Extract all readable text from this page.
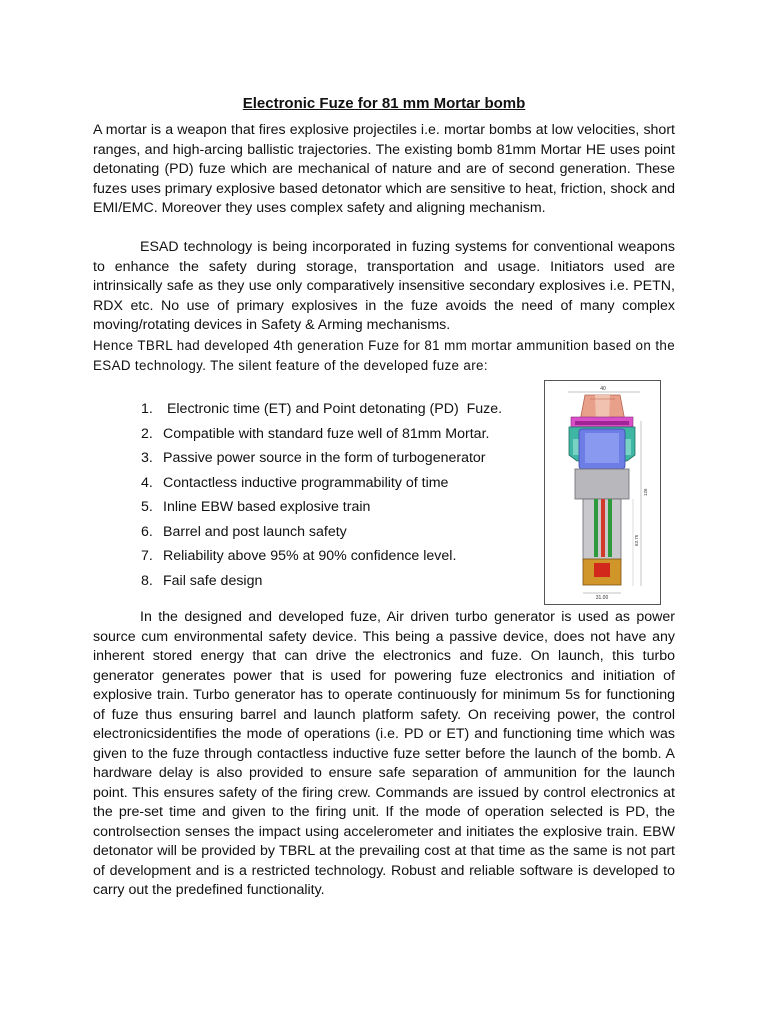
Electronic Fuze for 81 mm Mortar bomb

A mortar is a weapon that fires explosive projectiles i.e. mortar bombs at low velocities, short ranges, and high-arcing ballistic trajectories. The existing bomb 81mm Mortar HE uses point detonating (PD) fuze which are mechanical of nature and are of second generation. These fuzes uses primary explosive based detonator which are sensitive to heat, friction, shock and EMI/EMC. Moreover they uses complex safety and aligning mechanism.

ESAD technology is being incorporated in fuzing systems for conventional weapons to enhance the safety during storage, transportation and usage. Initiators used are intrinsically safe as they use only comparatively insensitive secondary explosives i.e. PETN, RDX etc. No use of primary explosives in the fuze avoids the need of many complex moving/rotating devices in Safety & Arming mechanisms.

Hence TBRL had developed 4th generation Fuze for 81 mm mortar ammunition based on the ESAD technology. The silent feature of the developed fuze are:

1. Electronic time (ET) and Point detonating (PD)  Fuze.
2. Compatible with standard fuze well of 81mm Mortar.
3. Passive power source in the form of turbogenerator
4. Contactless inductive programmability of time
5. Inline EBW based explosive train
6. Barrel and post launch safety
7. Reliability above 95% at 90% confidence level.
8. Fail safe design
40
126
63.75
31.00

In the designed and developed fuze, Air driven turbo generator is used as power source cum environmental safety device. This being a passive device, does not have any inherent stored energy that can drive the electronics and fuze. On launch, this turbo generator generates power that is used for powering fuze electronics and initiation of explosive train. Turbo generator has to operate continuously for minimum 5s for functioning of fuze thus ensuring barrel and launch platform safety. On receiving power, the control electronicsidentifies the mode of operations (i.e. PD or ET) and functioning time which was given to the fuze through contactless inductive fuze setter before the launch of the bomb. A hardware delay is also provided to ensure safe separation of ammunition for the launch point. This ensures safety of the firing crew. Commands are issued by control electronics at the pre-set time and given to the firing unit. If the mode of operation selected is PD, the controlsection senses the impact using accelerometer and initiates the explosive train. EBW detonator will be provided by TBRL at the prevailing cost at that time as the same is not part of development and is a restricted technology. Robust and reliable software is developed to carry out the predefined functionality.
